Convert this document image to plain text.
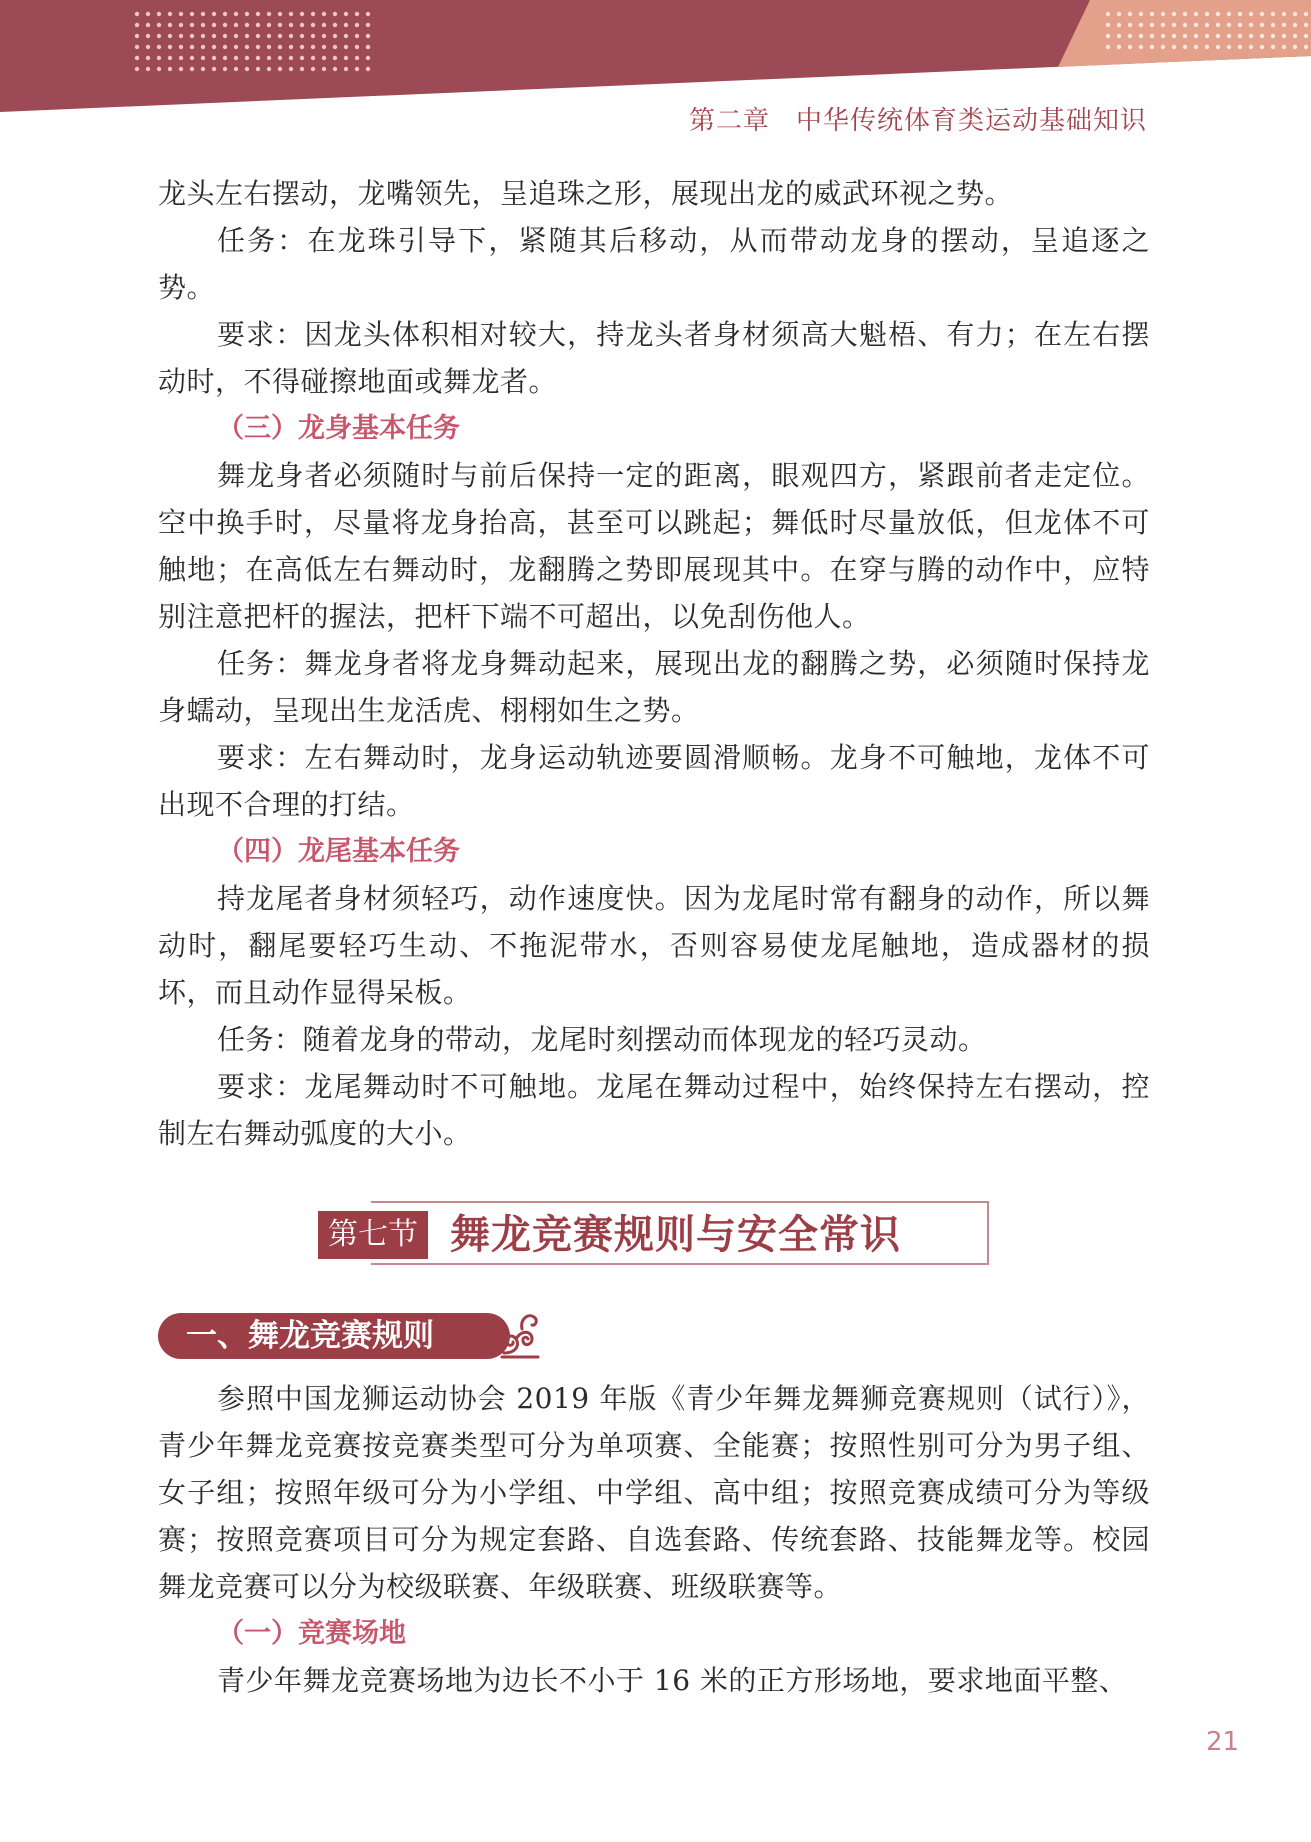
第二章 中华传统体育类运动基础知识

龙头左右摆动，龙嘴领先，呈追珠之形，展现出龙的威武环视之势。

任务：在龙珠引导下，紧随其后移动，从而带动龙身的摆动，呈追逐之势。

要求：因龙头体积相对较大，持龙头者身材须高大魁梧、有力；在左右摆动时，不得碰擦地面或舞龙者。

（三）龙身基本任务

舞龙身者必须随时与前后保持一定的距离，眼观四方，紧跟前者走定位。空中换手时，尽量将龙身抬高，甚至可以跳起；舞低时尽量放低，但龙体不可触地；在高低左右舞动时，龙翻腾之势即展现其中。在穿与腾的动作中，应特别注意把杆的握法，把杆下端不可超出，以免刮伤他人。

任务：舞龙身者将龙身舞动起来，展现出龙的翻腾之势，必须随时保持龙身蠕动，呈现出生龙活虎、栩栩如生之势。

要求：左右舞动时，龙身运动轨迹要圆滑顺畅。龙身不可触地，龙体不可出现不合理的打结。

（四）龙尾基本任务

持龙尾者身材须轻巧，动作速度快。因为龙尾时常有翻身的动作，所以舞动时，翻尾要轻巧生动、不拖泥带水，否则容易使龙尾触地，造成器材的损坏，而且动作显得呆板。

任务：随着龙身的带动，龙尾时刻摆动而体现龙的轻巧灵动。

要求：龙尾舞动时不可触地。龙尾在舞动过程中，始终保持左右摆动，控制左右舞动弧度的大小。

第七节 舞龙竞赛规则与安全常识
一、舞龙竞赛规则

参照中国龙狮运动协会 2019 年版《青少年舞龙舞狮竞赛规则（试行）》，青少年舞龙竞赛按竞赛类型可分为单项赛、全能赛；按照性别可分为男子组、女子组；按照年级可分为小学组、中学组、高中组；按照竞赛成绩可分为等级赛；按照竞赛项目可分为规定套路、自选套路、传统套路、技能舞龙等。校园舞龙竞赛可以分为校级联赛、年级联赛、班级联赛等。

（一）竞赛场地

青少年舞龙竞赛场地为边长不小于 16 米的正方形场地，要求地面平整、

21
